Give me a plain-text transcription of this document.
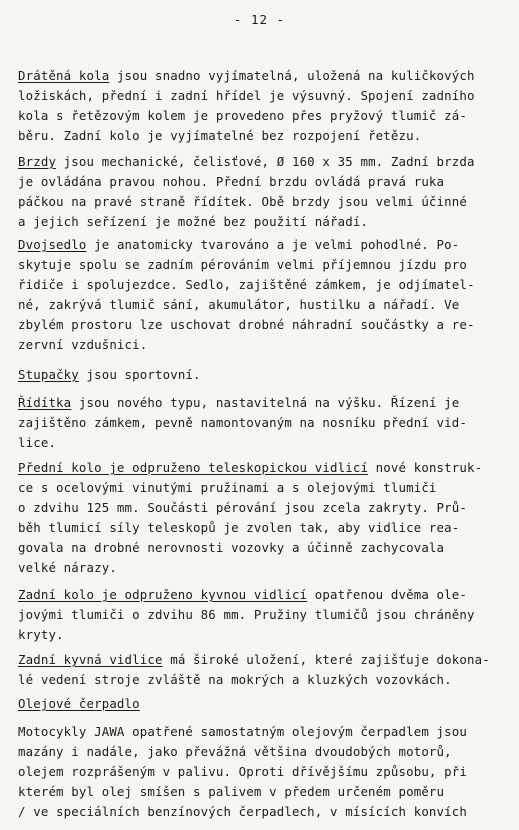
- 12 -
Drátěná kola jsou snadno vyjímatelná, uložená na kuličkových
ložiskách, přední i zadní hřídel je výsuvný. Spojení zadního
kola s řetězovým kolem je provedeno přes pryžový tlumič zá-
běru. Zadní kolo je vyjímatelné bez rozpojení řetězu.
Brzdy jsou mechanické, čelisťové, Ø 160 x 35 mm. Zadní brzda
je ovládána pravou nohou. Přední brzdu ovládá pravá ruka
páčkou na pravé straně řídítek. Obě brzdy jsou velmi účinné
a jejich seřízení je možné bez použití nářadí.
Dvojsedlo je anatomicky tvarováno a je velmi pohodlné. Po-
skytuje spolu se zadním pérováním velmi příjemnou jízdu pro
řidiče i spolujezdce. Sedlo, zajištěné zámkem, je odjímatel-
né, zakrývá tlumič sání, akumulátor, hustilku a nářadí. Ve
zbylém prostoru lze uschovat drobné náhradní součástky a re-
zervní vzdušnici.
Stupačky jsou sportovní.
Řídítka jsou nového typu, nastavitelná na výšku. Řízení je
zajištěno zámkem, pevně namontovaným na nosníku přední vid-
lice.
Přední kolo je odpruženo teleskopickou vidlicí nové konstruk-
ce s ocelovými vinutými pružinami a s olejovými tlumiči
o zdvihu 125 mm. Součásti pérování jsou zcela zakryty. Prů-
běh tlumicí síly teleskopů je zvolen tak, aby vidlice rea-
govala na drobné nerovnosti vozovky a účinně zachycovala
velké nárazy.
Zadní kolo je odpruženo kyvnou vidlicí opatřenou dvěma ole-
jovými tlumiči o zdvihu 86 mm. Pružiny tlumičů jsou chráněny
kryty.
Zadní kyvná vidlice má široké uložení, které zajišťuje dokona-
lé vedení stroje zvláště na mokrých a kluzkých vozovkách.
Olejové čerpadlo
Motocykly JAWA opatřené samostatným olejovým čerpadlem jsou
mazány i nadále, jako převážná většina dvoudobých motorů,
olejem rozprášeným v palivu. Oproti dřívějšímu způsobu, při
kterém byl olej smíšen s palivem v předem určeném poměru
/ ve speciálních benzínových čerpadlech, v mísících konvích
